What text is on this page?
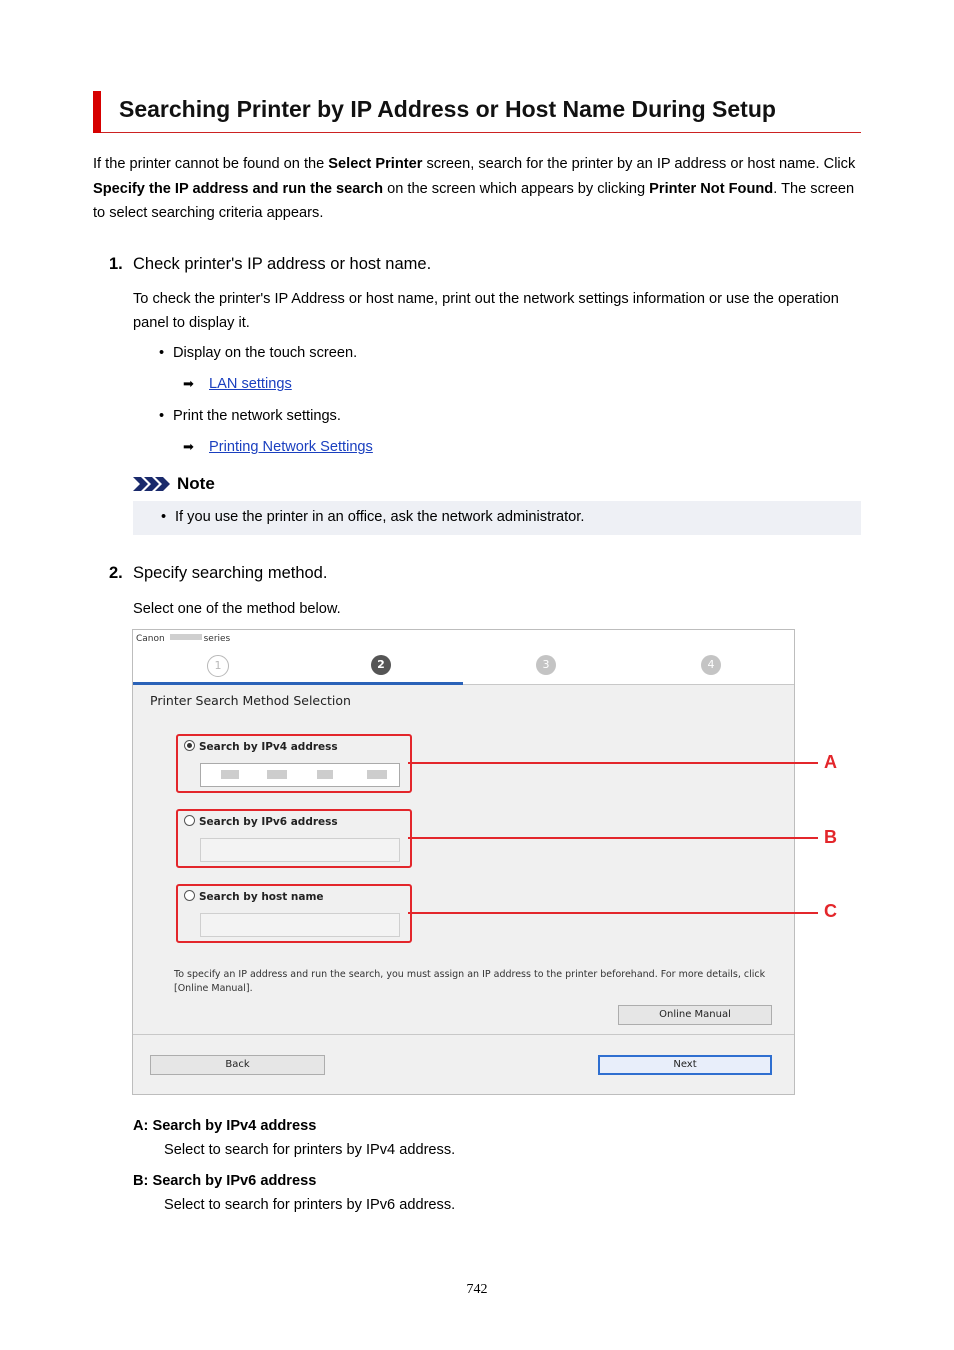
Searching Printer by IP Address or Host Name During Setup
If the printer cannot be found on the Select Printer screen, search for the printer by an IP address or host name. Click Specify the IP address and run the search on the screen which appears by clicking Printer Not Found. The screen to select searching criteria appears.
1. Check printer's IP address or host name.
To check the printer's IP Address or host name, print out the network settings information or use the operation panel to display it.
• Display on the touch screen.
➡ LAN settings
• Print the network settings.
➡ Printing Network Settings
Note
• If you use the printer in an office, ask the network administrator.
2. Specify searching method.
Select one of the method below.
Canon	series
1	2	3	4
Printer Search Method Selection
Search by IPv4 address
Search by IPv6 address
Search by host name
A
B
C
To specify an IP address and run the search, you must assign an IP address to the printer beforehand. For more details, click [Online Manual].
Online Manual
Back	Next
A: Search by IPv4 address
Select to search for printers by IPv4 address.
B: Search by IPv6 address
Select to search for printers by IPv6 address.
742
